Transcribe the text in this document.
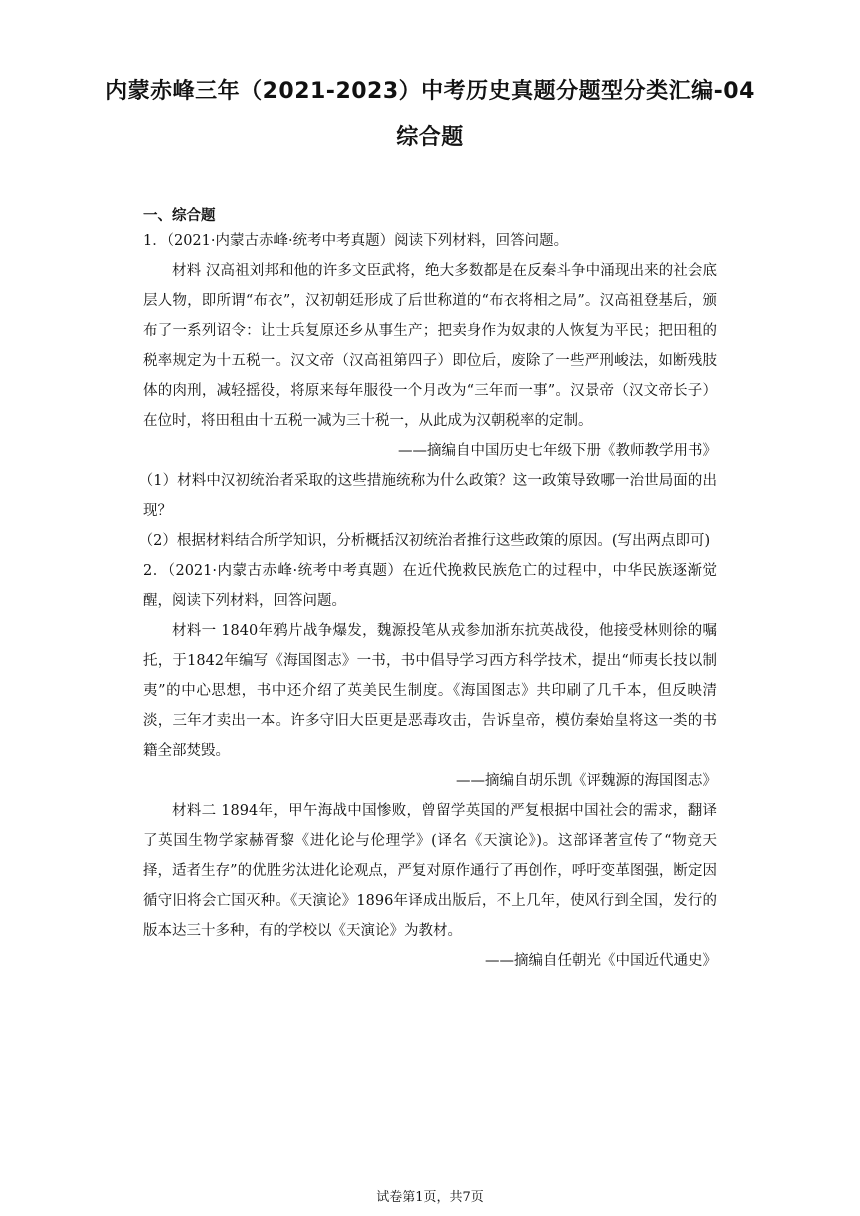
内蒙赤峰三年（2021-2023）中考历史真题分题型分类汇编-04
综合题
一、综合题

1．（2021·内蒙古赤峰·统考中考真题）阅读下列材料，回答问题。

材料 汉高祖刘邦和他的许多文臣武将，绝大多数都是在反秦斗争中涌现出来的社会底层人物，即所谓“布衣”，汉初朝廷形成了后世称道的“布衣将相之局”。汉高祖登基后，颁布了一系列诏令：让士兵复原还乡从事生产；把卖身作为奴隶的人恢复为平民；把田租的税率规定为十五税一。汉文帝（汉高祖第四子）即位后，废除了一些严刑峻法，如断残肢体的肉刑，减轻摇役，将原来每年服役一个月改为“三年而一事”。汉景帝（汉文帝长子）在位时，将田租由十五税一减为三十税一，从此成为汉朝税率的定制。

——摘编自中国历史七年级下册《教师教学用书》

（1）材料中汉初统治者采取的这些措施统称为什么政策？这一政策导致哪一治世局面的出现？

（2）根据材料结合所学知识，分析概括汉初统治者推行这些政策的原因。(写出两点即可)

2．（2021·内蒙古赤峰·统考中考真题）在近代挽救民族危亡的过程中，中华民族逐渐觉醒，阅读下列材料，回答问题。

材料一 1840年鸦片战争爆发，魏源投笔从戎参加浙东抗英战役，他接受林则徐的嘱托，于1842年编写《海国图志》一书，书中倡导学习西方科学技术，提出“师夷长技以制夷”的中心思想，书中还介绍了英美民生制度。《海国图志》共印刷了几千本，但反映清淡，三年才卖出一本。许多守旧大臣更是恶毒攻击，告诉皇帝，模仿秦始皇将这一类的书籍全部焚毁。

——摘编自胡乐凯《评魏源的海国图志》

材料二 1894年，甲午海战中国惨败，曾留学英国的严复根据中国社会的需求，翻译了英国生物学家赫胥黎《进化论与伦理学》(译名《天演论》)。这部译著宣传了“物竞天择，适者生存”的优胜劣汰进化论观点，严复对原作通行了再创作，呼吁变革图强，断定因循守旧将会亡国灭种。《天演论》1896年译成出版后，不上几年，使风行到全国，发行的版本达三十多种，有的学校以《天演论》为教材。

——摘编自任朝光《中国近代通史》

试卷第1页，共7页
